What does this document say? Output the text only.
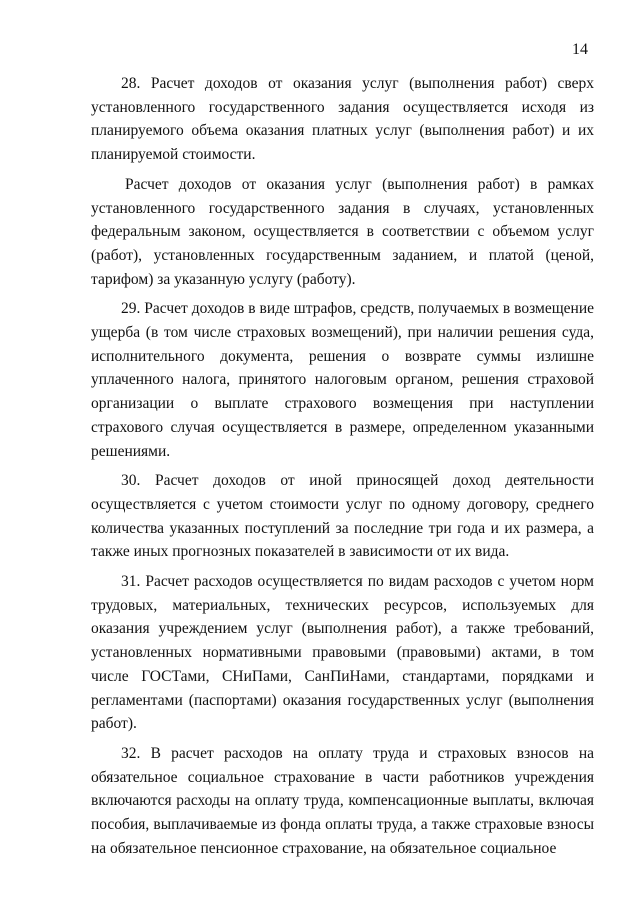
14

28. Расчет доходов от оказания услуг (выполнения работ) сверх установленного государственного задания осуществляется исходя из планируемого объема оказания платных услуг (выполнения работ) и их планируемой стоимости.

Расчет доходов от оказания услуг (выполнения работ) в рамках установленного государственного задания в случаях, установленных федеральным законом, осуществляется в соответствии с объемом услуг (работ), установленных государственным заданием, и платой (ценой, тарифом) за указанную услугу (работу).

29. Расчет доходов в виде штрафов, средств, получаемых в возмещение ущерба (в том числе страховых возмещений), при наличии решения суда, исполнительного документа, решения о возврате суммы излишне уплаченного налога, принятого налоговым органом, решения страховой организации о выплате страхового возмещения при наступлении страхового случая осуществляется в размере, определенном указанными решениями.

30. Расчет доходов от иной приносящей доход деятельности осуществляется с учетом стоимости услуг по одному договору, среднего количества указанных поступлений за последние три года и их размера, а также иных прогнозных показателей в зависимости от их вида.

31. Расчет расходов осуществляется по видам расходов с учетом норм трудовых, материальных, технических ресурсов, используемых для оказания учреждением услуг (выполнения работ), а также требований, установленных нормативными правовыми (правовыми) актами, в том числе ГОСТами, СНиПами, СанПиНами, стандартами, порядками и регламентами (паспортами) оказания государственных услуг (выполнения работ).

32. В расчет расходов на оплату труда и страховых взносов на обязательное социальное страхование в части работников учреждения включаются расходы на оплату труда, компенсационные выплаты, включая пособия, выплачиваемые из фонда оплаты труда, а также страховые взносы на обязательное пенсионное страхование, на обязательное социальное
